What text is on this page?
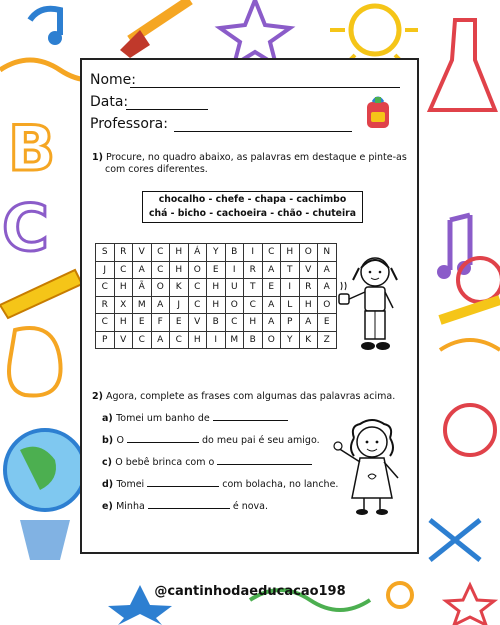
B
C
Nome:
Data:
Professora:
1) Procure, no quadro abaixo, as palavras em destaque e pinte-as
com cores diferentes.
chocalho - chefe - chapa - cachimbo
chá - bicho - cachoeira - chão - chuteira
S	R	V	C	H	Á	Y	B	I	C	H	O	N
J	C	A	C	H	O	E	I	R	A	T	V	A
C	H	Ã	O	K	C	H	U	T	E	I	R	A
R	X	M	A	J	C	H	O	C	A	L	H	O
C	H	E	F	E	V	B	C	H	A	P	A	E
P	V	C	A	C	H	I	M	B	O	Y	K	Z
2) Agora, complete as frases com algumas das palavras acima.
a) Tomei um banho de
b) O	do meu pai é seu amigo.
c) O bebê brinca com o
d) Tomei	com bolacha, no lanche.
e) Minha	é nova.
@cantinhodaeducacao198
